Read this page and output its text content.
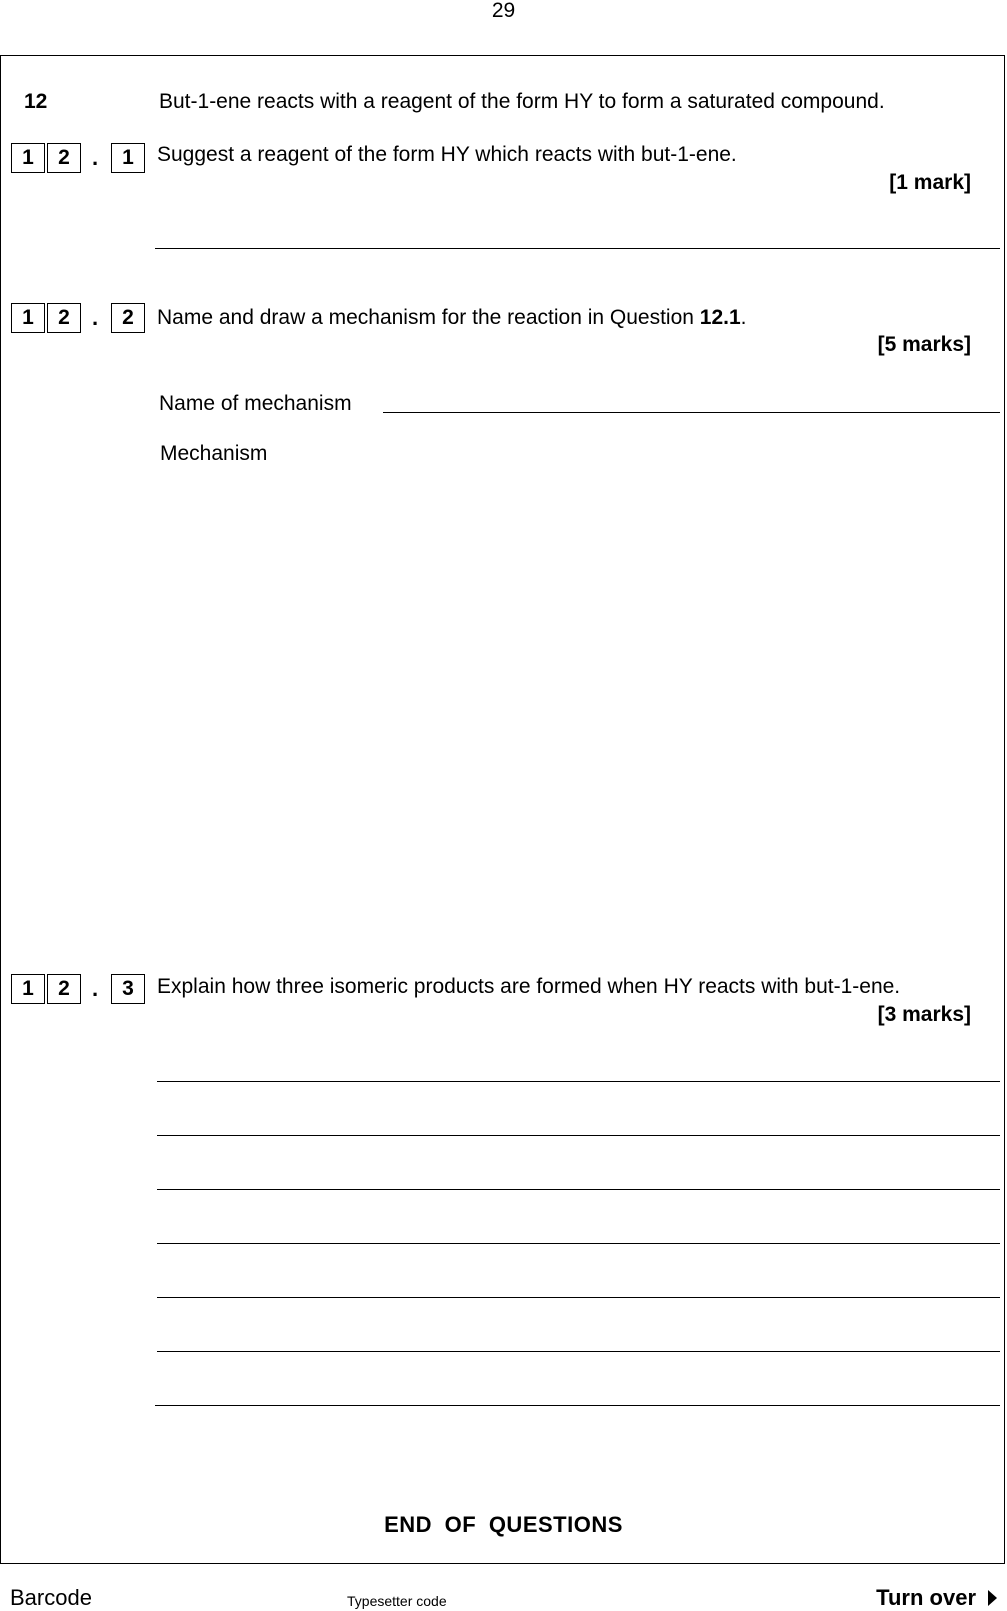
29
12	But-1-ene reacts with a reagent of the form HY to form a saturated compound.
1	2	.	1	Suggest a reagent of the form HY which reacts with but-1-ene.
[1 mark]
1	2	.	2	Name and draw a mechanism for the reaction in Question 12.1.
[5 marks]
Name of mechanism
Mechanism
1	2	.	3	Explain how three isomeric products are formed when HY reacts with but-1-ene.
[3 marks]
END OF QUESTIONS
Barcode	Typesetter code	Turn over
